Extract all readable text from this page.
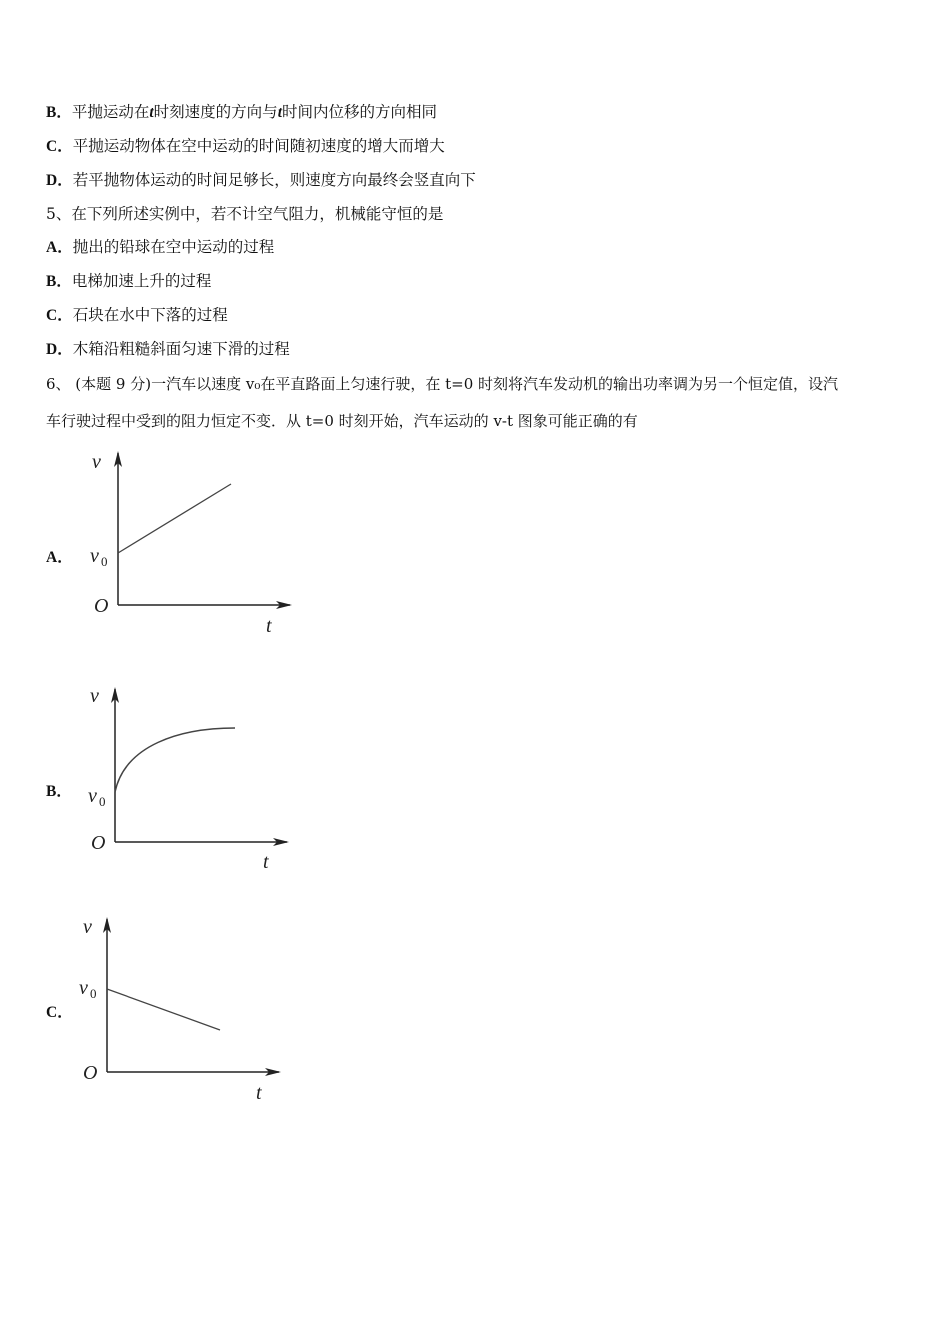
B．平抛运动在t时刻速度的方向与t时间内位移的方向相同
C．平抛运动物体在空中运动的时间随初速度的增大而增大
D．若平抛物体运动的时间足够长，则速度方向最终会竖直向下
5、在下列所述实例中，若不计空气阻力，机械能守恒的是
A．抛出的铅球在空中运动的过程
B．电梯加速上升的过程
C．石块在水中下落的过程
D．木箱沿粗糙斜面匀速下滑的过程
6、 (本题 9 分)一汽车以速度 v₀在平直路面上匀速行驶，在 t=0 时刻将汽车发动机的输出功率调为另一个恒定值，设汽
车行驶过程中受到的阻力恒定不变．从 t=0 时刻开始，汽车运动的 v-t 图象可能正确的有
A．
B．
C．
v
v 0
O
t
v
v 0
O
t
v
v 0
O
t
